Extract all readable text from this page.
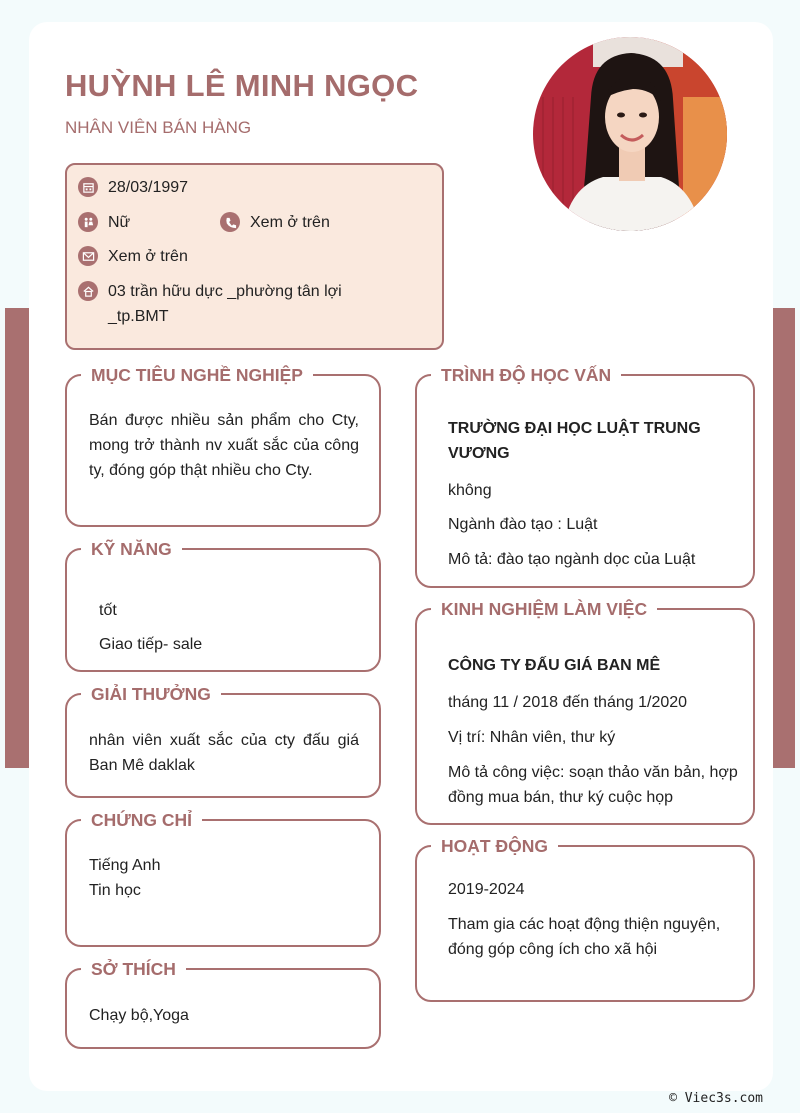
HUỲNH LÊ MINH NGỌC
NHÂN VIÊN BÁN HÀNG
28/03/1997
Nữ	Xem ở trên
Xem ở trên
03 trần hữu dực _phường tân lợi
_tp.BMT
MỤC TIÊU NGHỀ NGHIỆP
Bán được nhiều sản phẩm cho Cty, mong trở thành nv xuất sắc của công ty, đóng góp thật nhiều cho Cty.
KỸ NĂNG
tốt
Giao tiếp- sale
GIẢI THƯỞNG
nhân viên xuất sắc của cty đấu giá Ban Mê daklak
CHỨNG CHỈ
Tiếng Anh
Tin học
SỞ THÍCH
Chạy bộ,Yoga
TRÌNH ĐỘ HỌC VẤN
TRƯỜNG ĐẠI HỌC LUẬT TRUNG VƯƠNG
không
Ngành đào tạo : Luật
Mô tả: đào tạo ngành dọc của Luật
KINH NGHIỆM LÀM VIỆC
CÔNG TY ĐẤU GIÁ BAN MÊ
tháng 11 / 2018 đến tháng 1/2020
Vị trí: Nhân viên, thư ký
Mô tả công việc: soạn thảo văn bản, hợp đồng mua bán, thư ký cuộc họp
HOẠT ĐỘNG
2019-2024
Tham gia các hoạt động thiện nguyện, đóng góp công ích cho xã hội
© Viec3s.com
